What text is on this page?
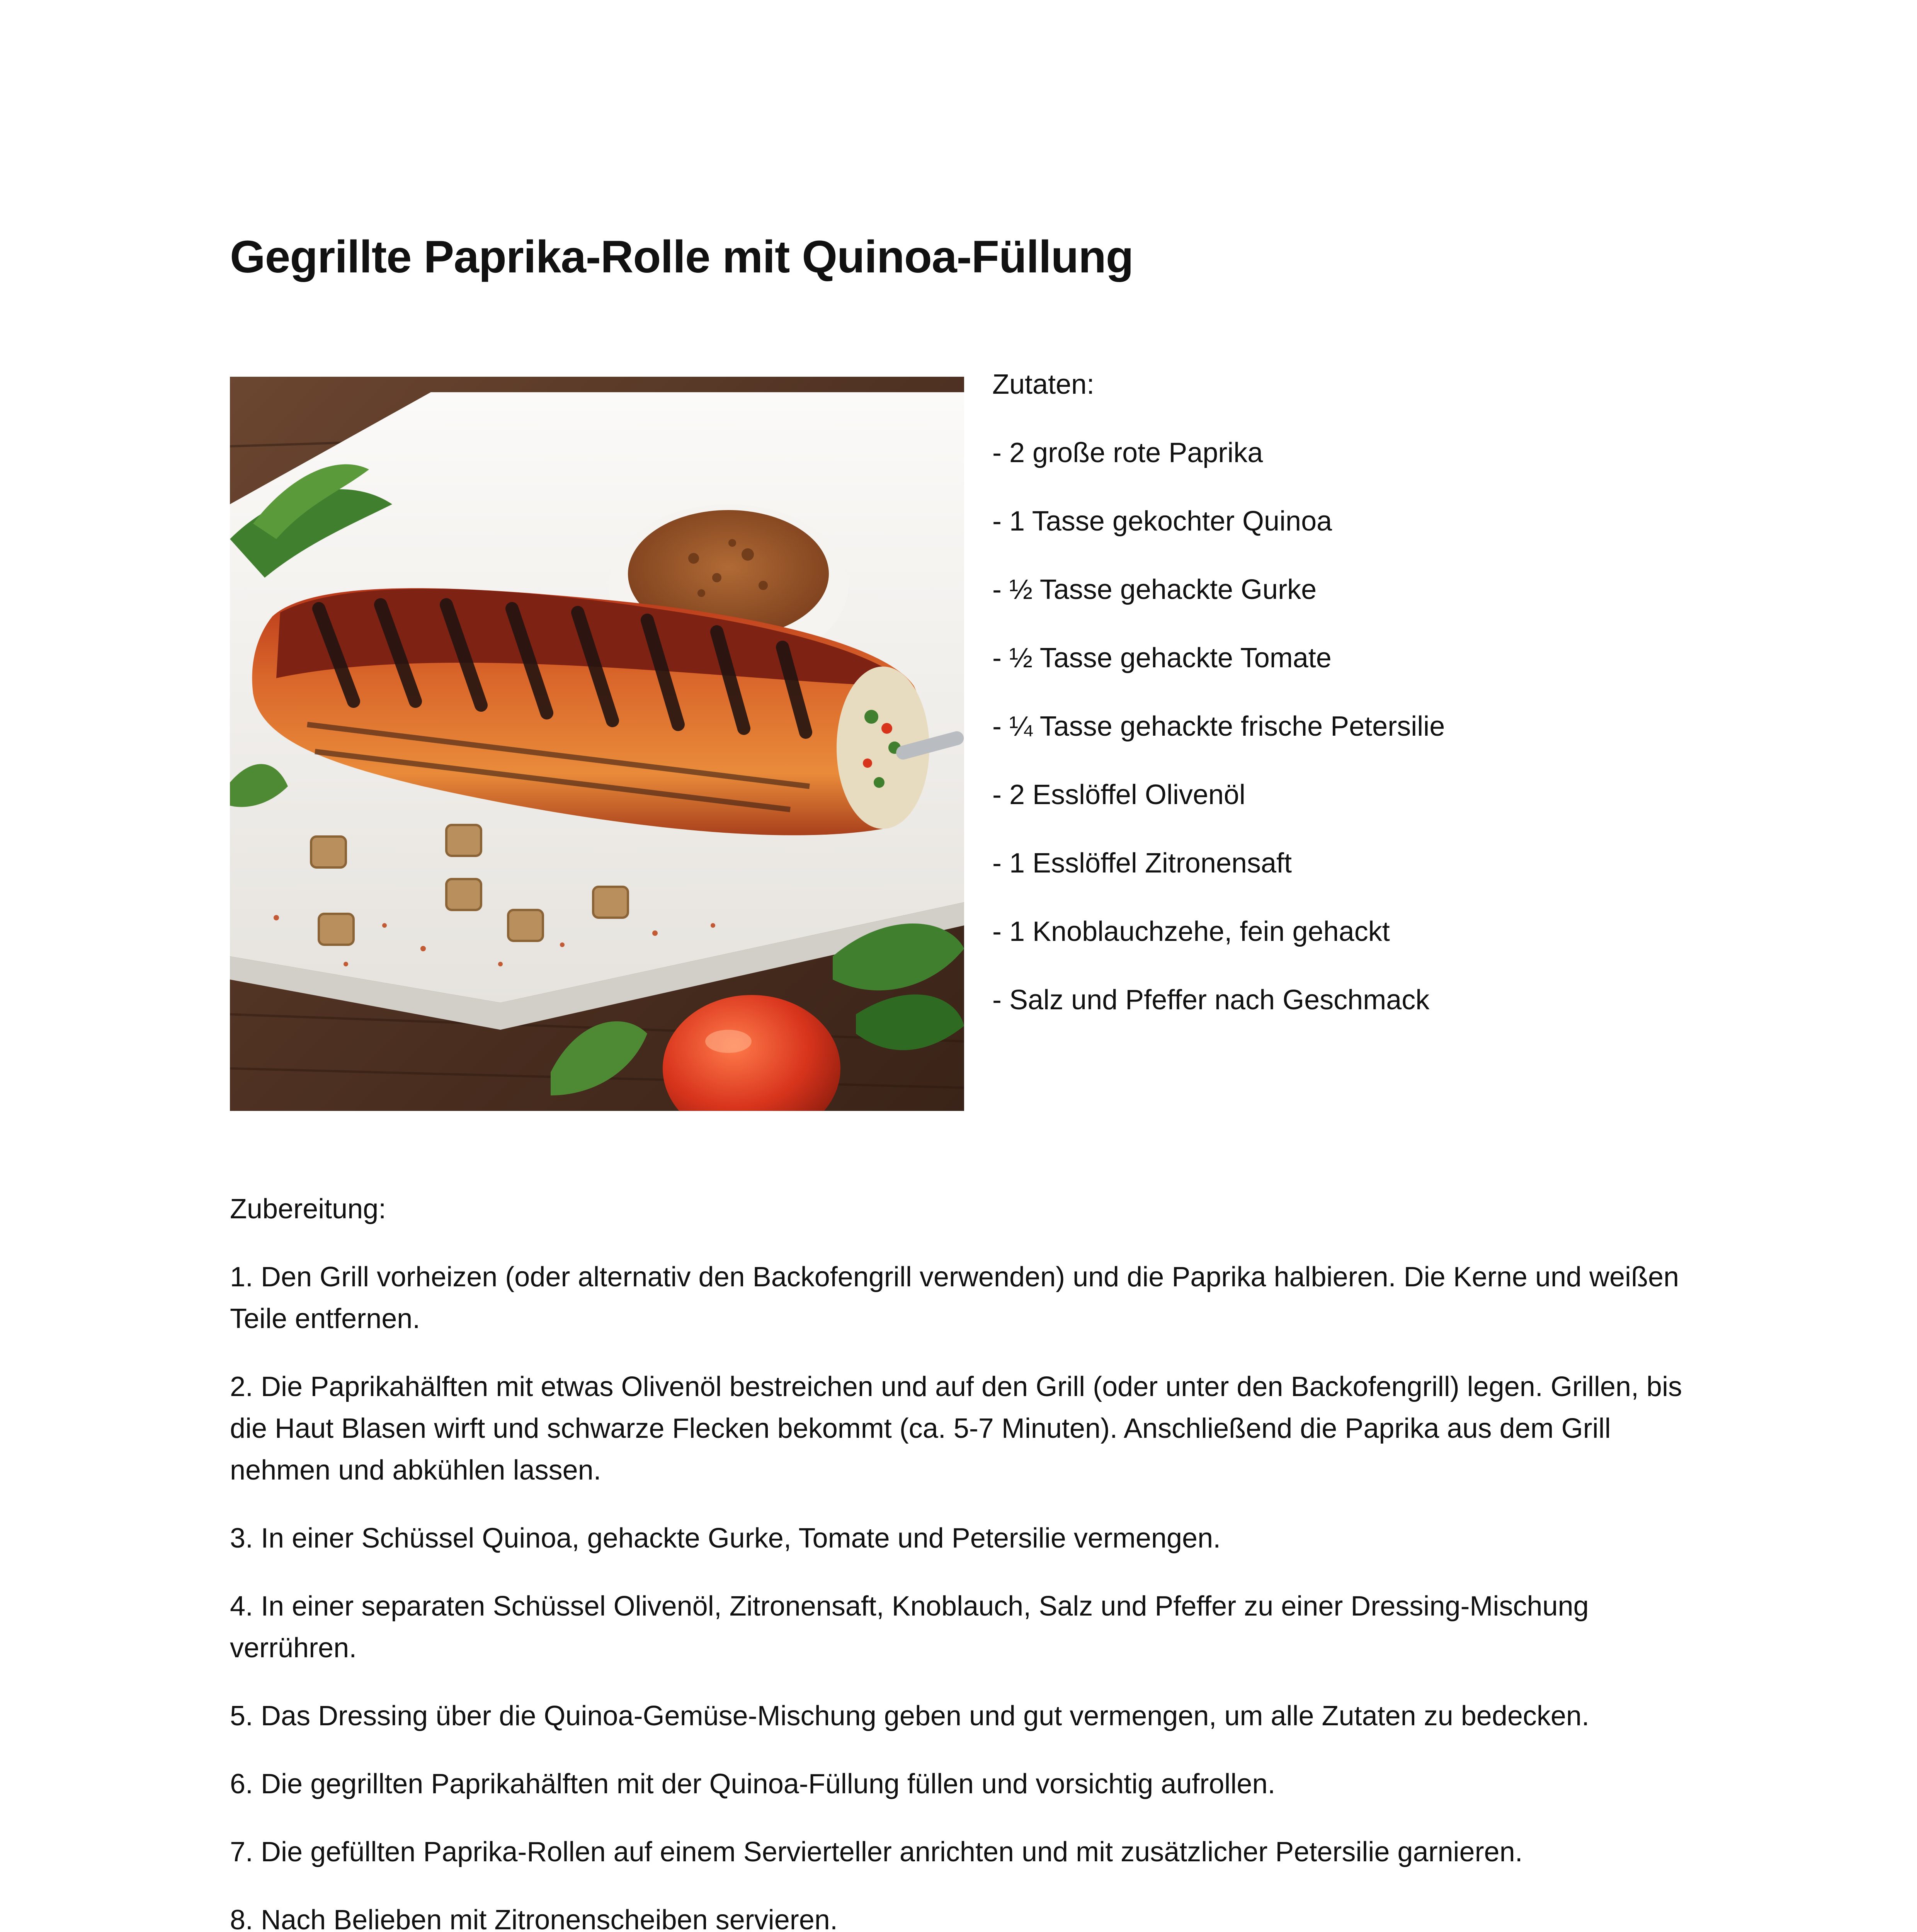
Gegrillte Paprika-Rolle mit Quinoa-Füllung

Zutaten:

- 2 große rote Paprika
- 1 Tasse gekochter Quinoa
- ½ Tasse gehackte Gurke
- ½ Tasse gehackte Tomate
- ¼ Tasse gehackte frische Petersilie
- 2 Esslöffel Olivenöl
- 1 Esslöffel Zitronensaft
- 1 Knoblauchzehe, fein gehackt
- Salz und Pfeffer nach Geschmack

Zubereitung:

1. Den Grill vorheizen (oder alternativ den Backofengrill verwenden) und die Paprika halbieren. Die Kerne und weißen Teile entfernen.
2. Die Paprikahälften mit etwas Olivenöl bestreichen und auf den Grill (oder unter den Backofengrill) legen. Grillen, bis die Haut Blasen wirft und schwarze Flecken bekommt (ca. 5-7 Minuten). Anschließend die Paprika aus dem Grill nehmen und abkühlen lassen.
3. In einer Schüssel Quinoa, gehackte Gurke, Tomate und Petersilie vermengen.
4. In einer separaten Schüssel Olivenöl, Zitronensaft, Knoblauch, Salz und Pfeffer zu einer Dressing-Mischung verrühren.
5. Das Dressing über die Quinoa-Gemüse-Mischung geben und gut vermengen, um alle Zutaten zu bedecken.
6. Die gegrillten Paprikahälften mit der Quinoa-Füllung füllen und vorsichtig aufrollen.
7. Die gefüllten Paprika-Rollen auf einem Servierteller anrichten und mit zusätzlicher Petersilie garnieren.
8. Nach Belieben mit Zitronenscheiben servieren.
